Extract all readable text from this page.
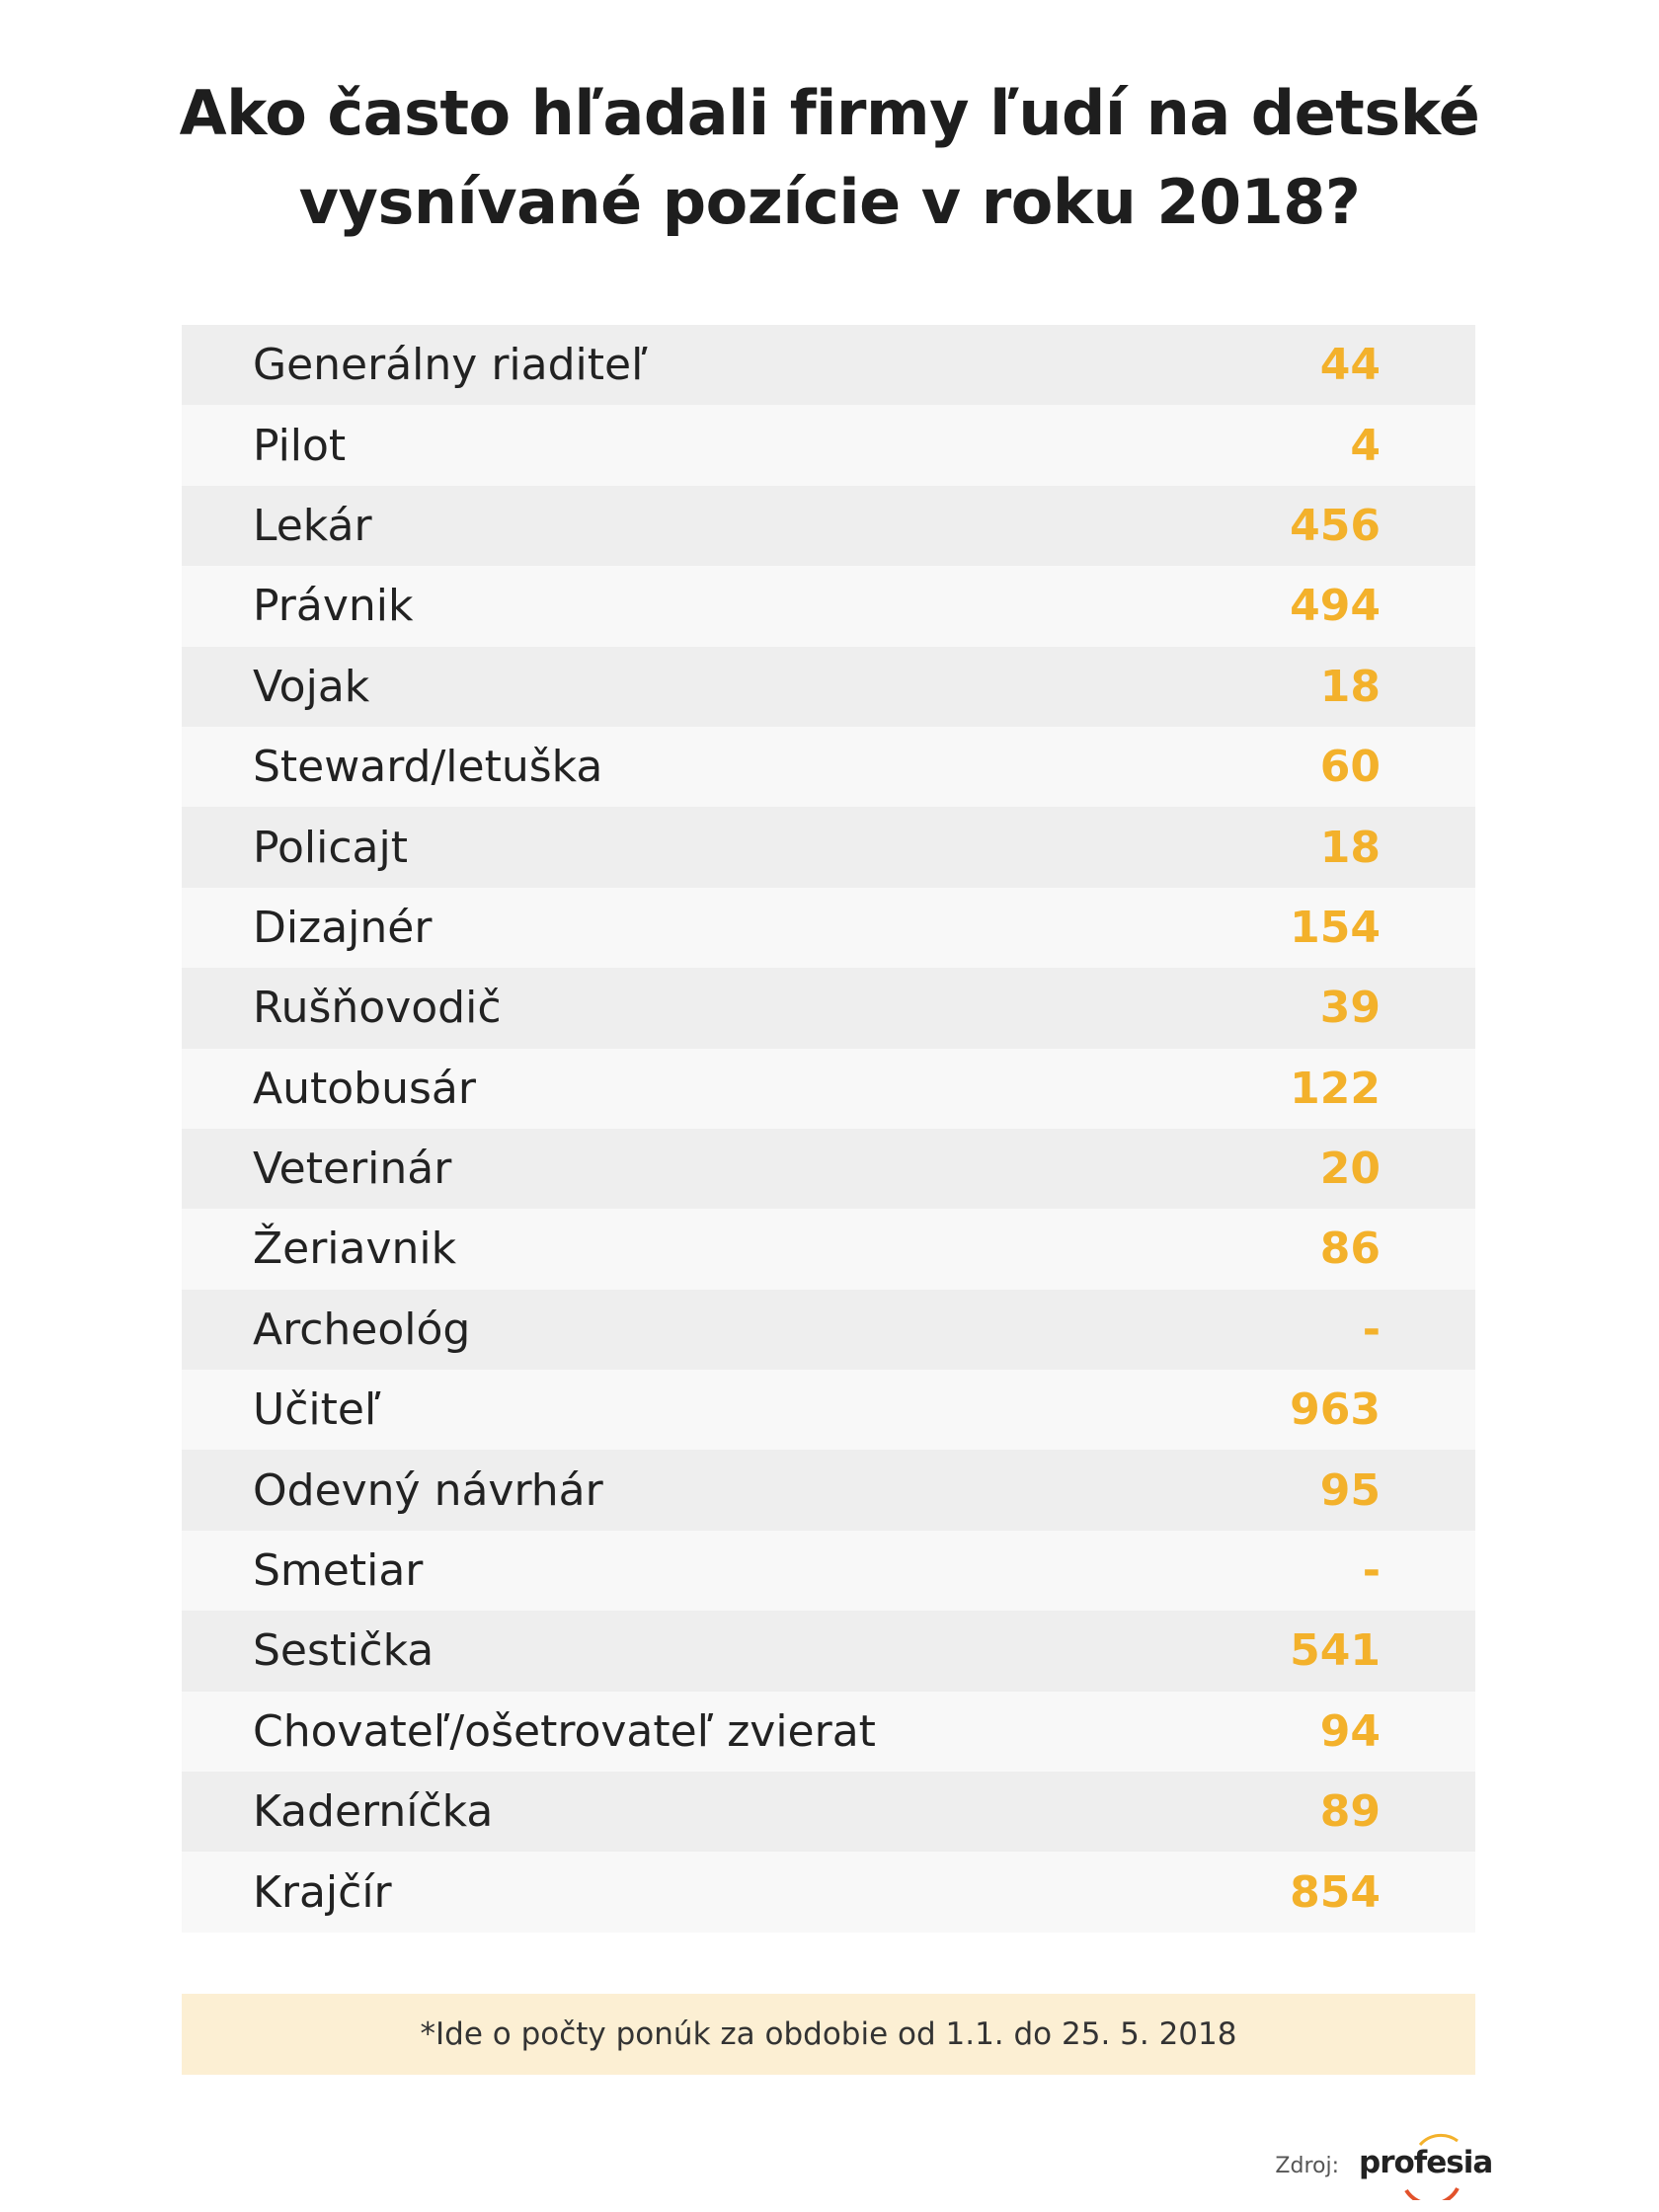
Ako často hľadali firmy ľudí na detské
vysnívané pozície v roku 2018?
Generálny riaditeľ	44
Pilot	4
Lekár	456
Právnik	494
Vojak	18
Steward/letuška	60
Policajt	18
Dizajnér	154
Rušňovodič	39
Autobusár	122
Veterinár	20
Žeriavnik	86
Archeológ	-
Učiteľ	963
Odevný návrhár	95
Smetiar	-
Sestička	541
Chovateľ/ošetrovateľ zvierat	94
Kaderníčka	89
Krajčír	854
*Ide o počty ponúk za obdobie od 1.1. do 25. 5. 2018
Zdroj: profesia
